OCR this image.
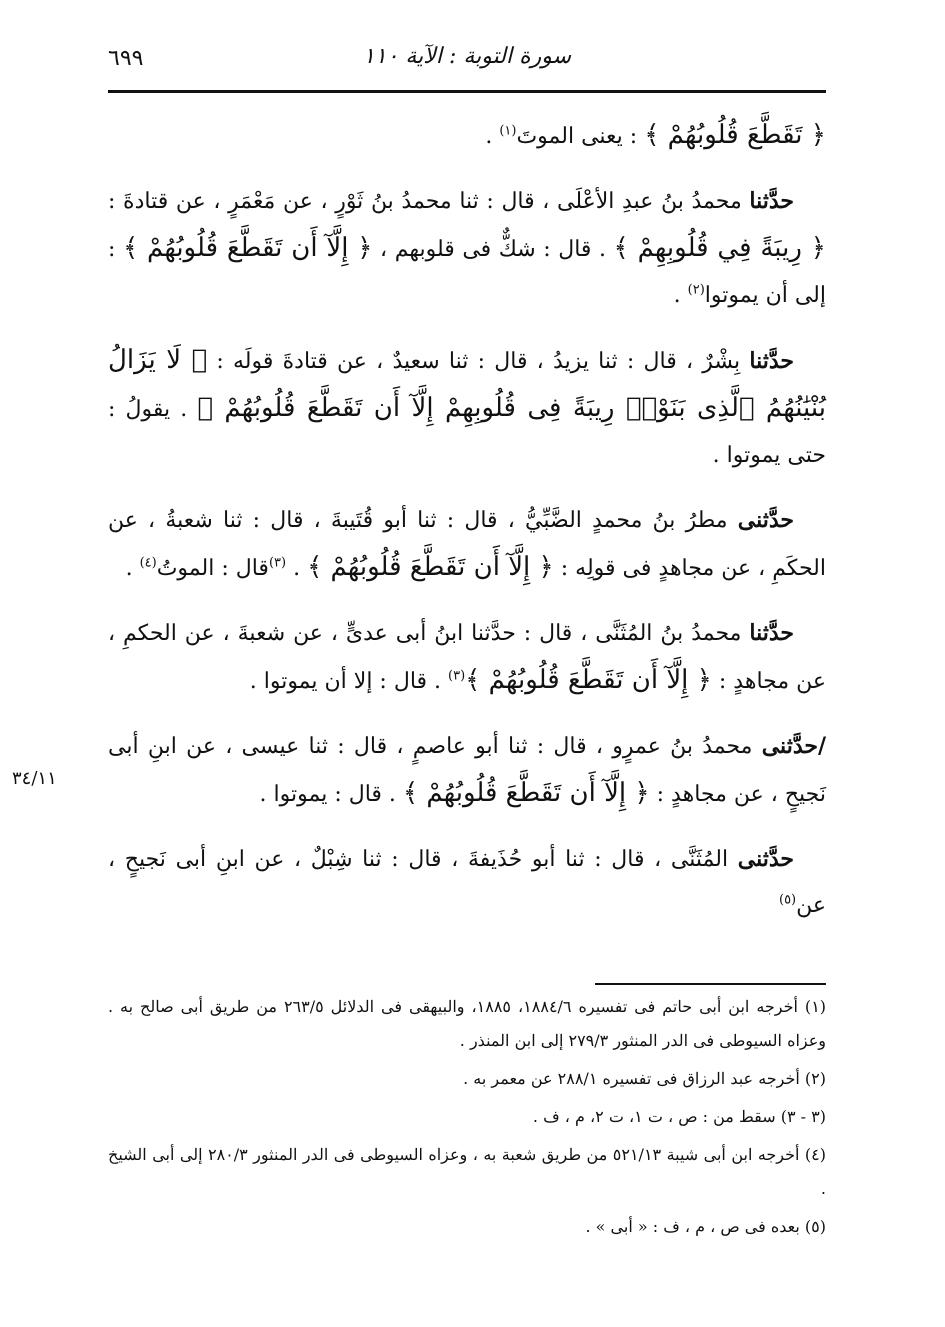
٦٩٩	سورة التوبة : الآية ١١٠
٣٤/١١

﴿ تَقَطَّعَ قُلُوبُهُمْ ﴾ : يعنى الموتَ$^{(١)}$ .

حدَّثنا محمدُ بنُ عبدِ الأعْلَى ، قال : ثنا محمدُ بنُ ثَوْرٍ ، عن مَعْمَرٍ ، عن قتادةَ : ﴿ رِيبَةً فِي قُلُوبِهِمْ ﴾ . قال : شكٌّ فى قلوبهم ، ﴿ إِلَّآ أَن تَقَطَّعَ قُلُوبُهُمْ ﴾ : إلى أن يموتوا$^{(٢)}$ .

حدَّثنا بِشْرٌ ، قال : ثنا يزيدُ ، قال : ثنا سعيدٌ ، عن قتادةَ قولَه : ﴿ لَا يَزَالُ بُنْيَٰنُهُمُ ٱلَّذِى بَنَوْا۟ رِيبَةً فِى قُلُوبِهِمْ إِلَّآ أَن تَقَطَّعَ قُلُوبُهُمْ ﴾ . يقولُ : حتى يموتوا .

حدَّثنى مطرُ بنُ محمدٍ الضَّبِّيُّ ، قال : ثنا أبو قُتَيبةَ ، قال : ثنا شعبةُ ، عن الحكَمِ ، عن مجاهدٍ فى قولِه : ﴿ إِلَّآ أَن تَقَطَّعَ قُلُوبُهُمْ ﴾ . $^{(٣)}$قال : الموتُ$^{(٤)}$ .

حدَّثنا محمدُ بنُ المُثَنَّى ، قال : حدَّثنا ابنُ أبى عدىٍّ ، عن شعبةَ ، عن الحكمِ ، عن مجاهدٍ : ﴿ إِلَّآ أَن تَقَطَّعَ قُلُوبُهُمْ ﴾$^{(٣)}$ . قال : إلا أن يموتوا .

/حدَّثنى محمدُ بنُ عمرٍو ، قال : ثنا أبو عاصمٍ ، قال : ثنا عيسى ، عن ابنِ أبى نَجيحٍ ، عن مجاهدٍ : ﴿ إِلَّآ أَن تَقَطَّعَ قُلُوبُهُمْ ﴾ . قال : يموتوا .

حدَّثنى المُثَنَّى ، قال : ثنا أبو حُذَيفةَ ، قال : ثنا شِبْلٌ ، عن ابنِ أبى نَجيحٍ ، عن$^{(٥)}$

(١) أخرجه ابن أبى حاتم فى تفسيره ١٨٨٤/٦، ١٨٨٥، والبيهقى فى الدلائل ٢٦٣/٥ من طريق أبى صالح به . وعزاه السيوطى فى الدر المنثور ٢٧٩/٣ إلى ابن المنذر .

(٢) أخرجه عبد الرزاق فى تفسيره ٢٨٨/١ عن معمر به .

(٣ - ٣) سقط من : ص ، ت ١، ت ٢، م ، ف .

(٤) أخرجه ابن أبى شيبة ٥٢١/١٣ من طريق شعبة به ، وعزاه السيوطى فى الدر المنثور ٢٨٠/٣ إلى أبى الشيخ .

(٥) بعده فى ص ، م ، ف : « أبى » .
